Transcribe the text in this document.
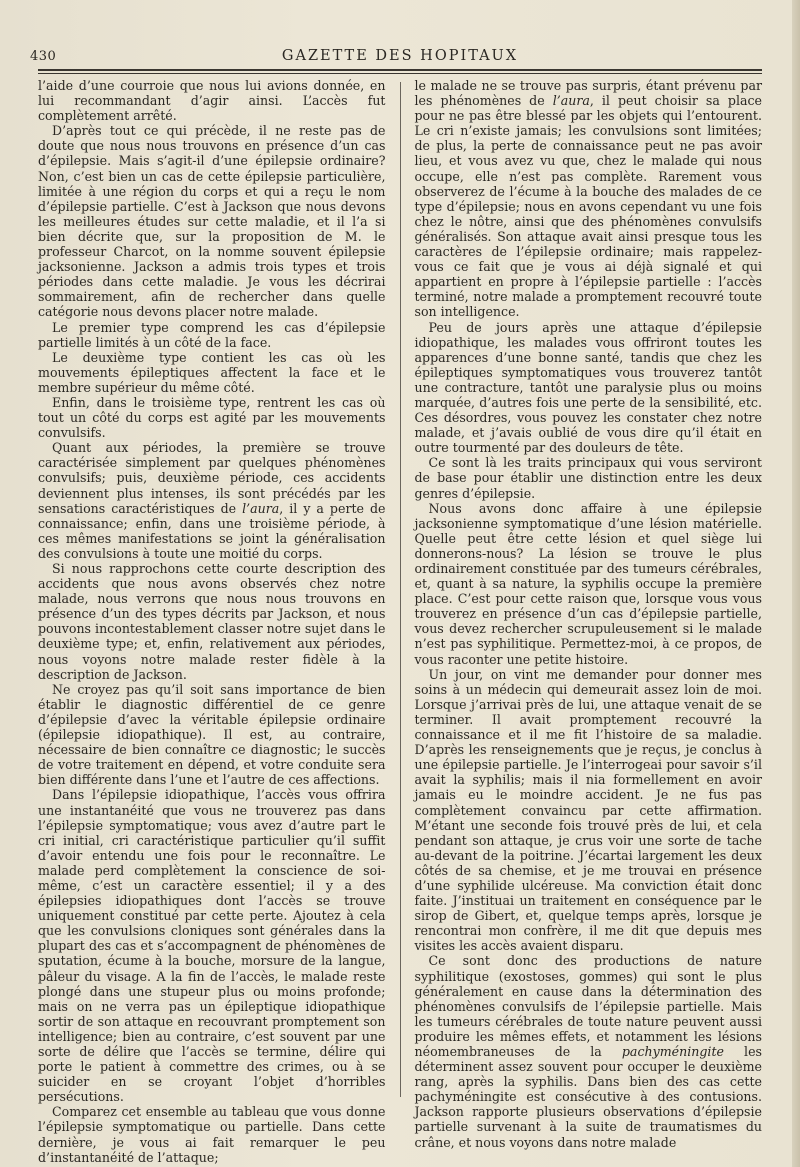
430	GAZETTE DES HOPITAUX

l’aide d’une courroie que nous lui avions donnée, en lui recommandant d’agir ainsi. L’accès fut complètement arrêté.

D’après tout ce qui précède, il ne reste pas de doute que nous nous trouvons en présence d’un cas d’épilepsie. Mais s’agit-il d’une épilepsie ordinaire? Non, c’est bien un cas de cette épilepsie particulière, limitée à une région du corps et qui a reçu le nom d’épilepsie partielle. C’est à Jackson que nous devons les meilleures études sur cette maladie, et il l’a si bien décrite que, sur la proposition de M. le professeur Charcot, on la nomme souvent épilepsie jacksonienne. Jackson a admis trois types et trois périodes dans cette maladie. Je vous les décrirai sommairement, afin de rechercher dans quelle catégorie nous devons placer notre malade.

Le premier type comprend les cas d’épilepsie partielle limités à un côté de la face.

Le deuxième type contient les cas où les mouvements épileptiques affectent la face et le membre supérieur du même côté.

Enfin, dans le troisième type, rentrent les cas où tout un côté du corps est agité par les mouvements convulsifs.

Quant aux périodes, la première se trouve caractérisée simplement par quelques phénomènes convulsifs; puis, deuxième période, ces accidents deviennent plus intenses, ils sont précédés par les sensations caractéristiques de l’aura, il y a perte de connaissance; enfin, dans une troisième période, à ces mêmes manifestations se joint la généralisation des convulsions à toute une moitié du corps.

Si nous rapprochons cette courte description des accidents que nous avons observés chez notre malade, nous verrons que nous nous trouvons en présence d’un des types décrits par Jackson, et nous pouvons incontestablement classer notre sujet dans le deuxième type; et, enfin, relativement aux périodes, nous voyons notre malade rester fidèle à la description de Jackson.

Ne croyez pas qu’il soit sans importance de bien établir le diagnostic différentiel de ce genre d’épilepsie d’avec la véritable épilepsie ordinaire (épilepsie idiopathique). Il est, au contraire, nécessaire de bien connaître ce diagnostic; le succès de votre traitement en dépend, et votre conduite sera bien différente dans l’une et l’autre de ces affections.

Dans l’épilepsie idiopathique, l’accès vous offrira une instantanéité que vous ne trouverez pas dans l’épilepsie symptomatique; vous avez d’autre part le cri initial, cri caractéristique particulier qu’il suffit d’avoir entendu une fois pour le reconnaître. Le malade perd complètement la conscience de soi-même, c’est un caractère essentiel; il y a des épilepsies idiopathiques dont l’accès se trouve uniquement constitué par cette perte. Ajoutez à cela que les convulsions cloniques sont générales dans la plupart des cas et s’accompagnent de phénomènes de sputation, écume à la bouche, morsure de la langue, pâleur du visage. A la fin de l’accès, le malade reste plongé dans une stupeur plus ou moins profonde; mais on ne verra pas un épileptique idiopathique sortir de son attaque en recouvrant promptement son intelligence; bien au contraire, c’est souvent par une sorte de délire que l’accès se termine, délire qui porte le patient à commettre des crimes, ou à se suicider en se croyant l’objet d’horribles persécutions.

Comparez cet ensemble au tableau que vous donne l’épilepsie symptomatique ou partielle. Dans cette dernière, je vous ai fait remarquer le peu d’instantanéité de l’attaque;

le malade ne se trouve pas surpris, étant prévenu par les phénomènes de l’aura, il peut choisir sa place pour ne pas être blessé par les objets qui l’entourent. Le cri n’existe jamais; les convulsions sont limitées; de plus, la perte de connaissance peut ne pas avoir lieu, et vous avez vu que, chez le malade qui nous occupe, elle n’est pas complète. Rarement vous observerez de l’écume à la bouche des malades de ce type d’épilepsie; nous en avons cependant vu une fois chez le nôtre, ainsi que des phénomènes convulsifs généralisés. Son attaque avait ainsi presque tous les caractères de l’épilepsie ordinaire; mais rappelez-vous ce fait que je vous ai déjà signalé et qui appartient en propre à l’épilepsie partielle : l’accès terminé, notre malade a promptement recouvré toute son intelligence.

Peu de jours après une attaque d’épilepsie idiopathique, les malades vous offriront toutes les apparences d’une bonne santé, tandis que chez les épileptiques symptomatiques vous trouverez tantôt une contracture, tantôt une paralysie plus ou moins marquée, d’autres fois une perte de la sensibilité, etc. Ces désordres, vous pouvez les constater chez notre malade, et j’avais oublié de vous dire qu’il était en outre tourmenté par des douleurs de tête.

Ce sont là les traits principaux qui vous serviront de base pour établir une distinction entre les deux genres d’épilepsie.

Nous avons donc affaire à une épilepsie jacksonienne symptomatique d’une lésion matérielle. Quelle peut être cette lésion et quel siège lui donnerons-nous? La lésion se trouve le plus ordinairement constituée par des tumeurs cérébrales, et, quant à sa nature, la syphilis occupe la première place. C’est pour cette raison que, lorsque vous vous trouverez en présence d’un cas d’épilepsie partielle, vous devez rechercher scrupuleusement si le malade n’est pas syphilitique. Permettez-moi, à ce propos, de vous raconter une petite histoire.

Un jour, on vint me demander pour donner mes soins à un médecin qui demeurait assez loin de moi. Lorsque j’arrivai près de lui, une attaque venait de se terminer. Il avait promptement recouvré la connaissance et il me fit l’histoire de sa maladie. D’après les renseignements que je reçus, je conclus à une épilepsie partielle. Je l’interrogeai pour savoir s’il avait la syphilis; mais il nia formellement en avoir jamais eu le moindre accident. Je ne fus pas complètement convaincu par cette affirmation. M’étant une seconde fois trouvé près de lui, et cela pendant son attaque, je crus voir une sorte de tache au-devant de la poitrine. J’écartai largement les deux côtés de sa chemise, et je me trouvai en présence d’une syphilide ulcéreuse. Ma conviction était donc faite. J’instituai un traitement en conséquence par le sirop de Gibert, et, quelque temps après, lorsque je rencontrai mon confrère, il me dit que depuis mes visites les accès avaient disparu.

Ce sont donc des productions de nature syphilitique (exostoses, gommes) qui sont le plus généralement en cause dans la détermination des phénomènes convulsifs de l’épilepsie partielle. Mais les tumeurs cérébrales de toute nature peuvent aussi produire les mêmes effets, et notamment les lésions néomembraneuses de la pachyméningite les déterminent assez souvent pour occuper le deuxième rang, après la syphilis. Dans bien des cas cette pachyméningite est consécutive à des contusions. Jackson rapporte plusieurs observations d’épilepsie partielle survenant à la suite de traumatismes du crâne, et nous voyons dans notre malade
